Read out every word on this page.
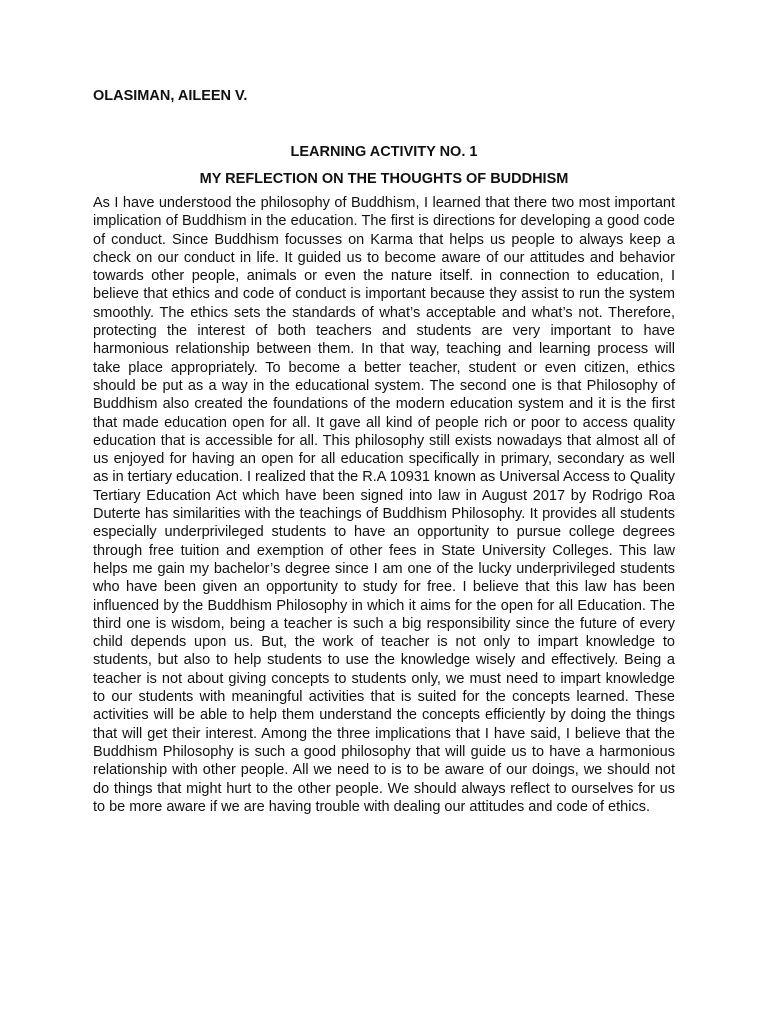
OLASIMAN, AILEEN V.

LEARNING ACTIVITY NO. 1

MY REFLECTION ON THE THOUGHTS OF BUDDHISM

As I have understood the philosophy of Buddhism, I learned that there two most important implication of Buddhism in the education. The first is directions for developing a good code of conduct. Since Buddhism focusses on Karma that helps us people to always keep a check on our conduct in life. It guided us to become aware of our attitudes and behavior towards other people, animals or even the nature itself. in connection to education, I believe that ethics and code of conduct is important because they assist to run the system smoothly. The ethics sets the standards of what’s acceptable and what’s not. Therefore, protecting the interest of both teachers and students are very important to have harmonious relationship between them. In that way, teaching and learning process will take place appropriately. To become a better teacher, student or even citizen, ethics should be put as a way in the educational system. The second one is that Philosophy of Buddhism also created the foundations of the modern education system and it is the first that made education open for all. It gave all kind of people rich or poor to access quality education that is accessible for all. This philosophy still exists nowadays that almost all of us enjoyed for having an open for all education specifically in primary, secondary as well as in tertiary education. I realized that the R.A 10931 known as Universal Access to Quality Tertiary Education Act which have been signed into law in August 2017 by Rodrigo Roa Duterte has similarities with the teachings of Buddhism Philosophy. It provides all students especially underprivileged students to have an opportunity to pursue college degrees through free tuition and exemption of other fees in State University Colleges. This law helps me gain my bachelor’s degree since I am one of the lucky underprivileged students who have been given an opportunity to study for free. I believe that this law has been influenced by the Buddhism Philosophy in which it aims for the open for all Education. The third one is wisdom, being a teacher is such a big responsibility since the future of every child depends upon us. But, the work of teacher is not only to impart knowledge to students, but also to help students to use the knowledge wisely and effectively. Being a teacher is not about giving concepts to students only, we must need to impart knowledge to our students with meaningful activities that is suited for the concepts learned. These activities will be able to help them understand the concepts efficiently by doing the things that will get their interest. Among the three implications that I have said, I believe that the Buddhism Philosophy is such a good philosophy that will guide us to have a harmonious relationship with other people. All we need to is to be aware of our doings, we should not do things that might hurt to the other people. We should always reflect to ourselves for us to be more aware if we are having trouble with dealing our attitudes and code of ethics.
